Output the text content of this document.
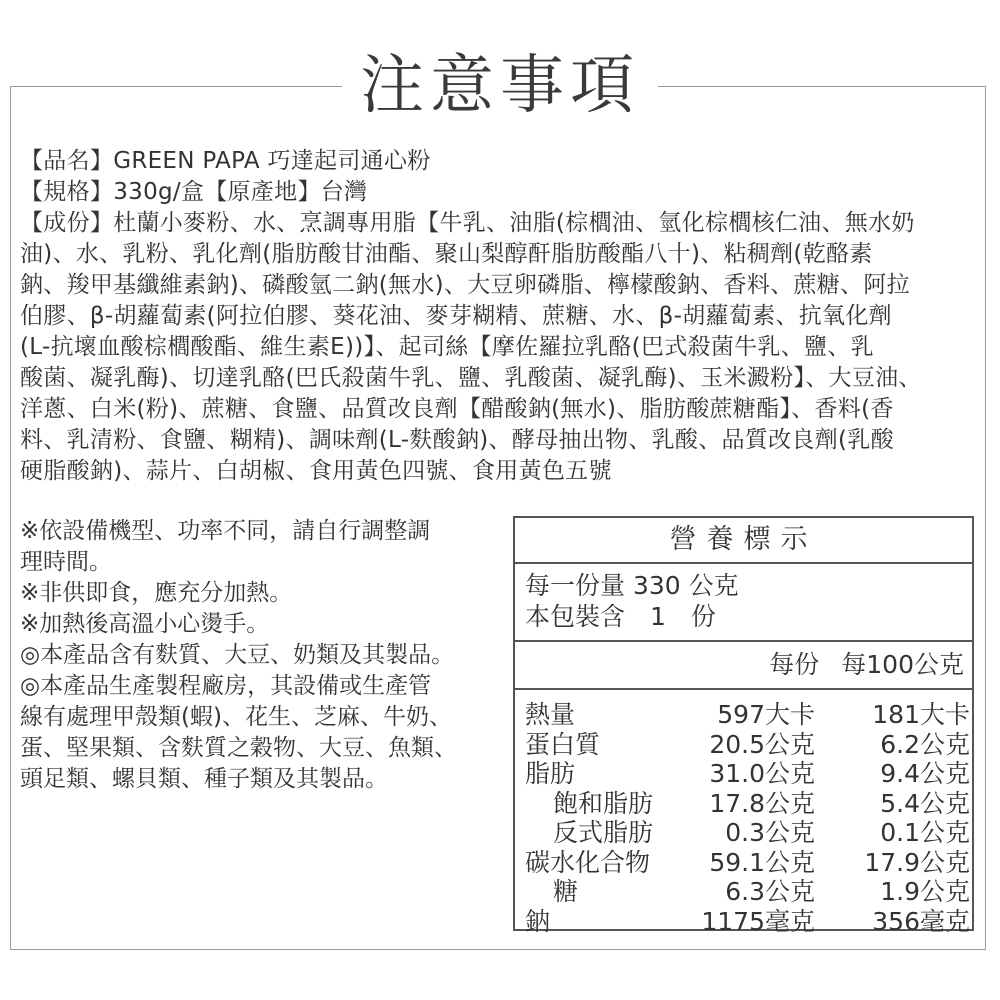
注意事項

【品名】GREEN PAPA 巧達起司通心粉

【規格】330g/盒【原產地】台灣

【成份】杜蘭小麥粉、水、烹調專用脂【牛乳、油脂(棕櫚油、氫化棕櫚核仁油、無水奶

油)、水、乳粉、乳化劑(脂肪酸甘油酯、聚山梨醇酐脂肪酸酯八十)、粘稠劑(乾酪素

鈉、羧甲基纖維素鈉)、磷酸氫二鈉(無水)、大豆卵磷脂、檸檬酸鈉、香料、蔗糖、阿拉

伯膠、β-胡蘿蔔素(阿拉伯膠、葵花油、麥芽糊精、蔗糖、水、β-胡蘿蔔素、抗氧化劑

(L-抗壞血酸棕櫚酸酯、維生素E))】、起司絲【摩佐羅拉乳酪(巴式殺菌牛乳、鹽、乳

酸菌、凝乳酶)、切達乳酪(巴氏殺菌牛乳、鹽、乳酸菌、凝乳酶)、玉米澱粉】、大豆油、

洋蔥、白米(粉)、蔗糖、食鹽、品質改良劑【醋酸鈉(無水)、脂肪酸蔗糖酯】、香料(香

料、乳清粉、食鹽、糊精)、調味劑(L-麩酸鈉)、酵母抽出物、乳酸、品質改良劑(乳酸

硬脂酸鈉)、蒜片、白胡椒、食用黃色四號、食用黃色五號

※依設備機型、功率不同，請自行調整調

理時間。

※非供即食，應充分加熱。

※加熱後高溫小心燙手。

◎本產品含有麩質、大豆、奶類及其製品。

◎本產品生產製程廠房，其設備或生產管

線有處理甲殼類(蝦)、花生、芝麻、牛奶、

蛋、堅果類、含麩質之穀物、大豆、魚類、

頭足類、螺貝類、種子類及其製品。

營養標示

每一份量 330 公克

本包裝含　1　份

每份 每100公克
熱量	597大卡	181大卡
蛋白質	20.5公克	6.2公克
脂肪	31.0公克	9.4公克
飽和脂肪	17.8公克	5.4公克
反式脂肪	0.3公克	0.1公克
碳水化合物	59.1公克	17.9公克
糖	6.3公克	1.9公克
鈉	1175毫克	356毫克
